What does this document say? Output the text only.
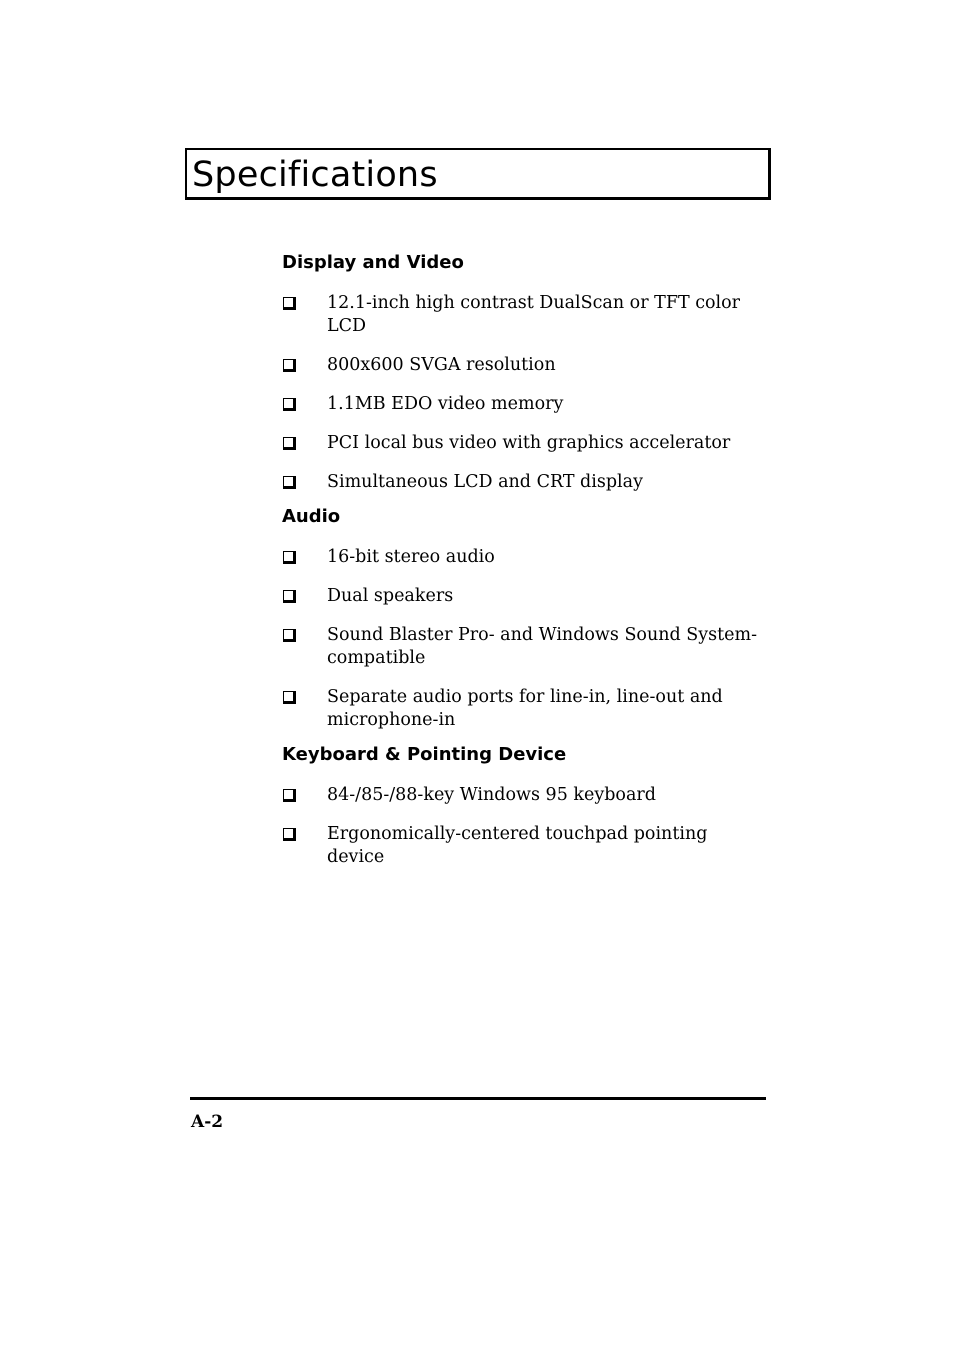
Specifications
Display and Video
12.1-inch high contrast DualScan or TFT color LCD
800x600 SVGA resolution
1.1MB EDO video memory
PCI local bus video with graphics accelerator
Simultaneous LCD and CRT display
Audio
16-bit stereo audio
Dual speakers
Sound Blaster Pro- and Windows Sound System-compatible
Separate audio ports for line-in, line-out and microphone-in
Keyboard & Pointing Device
84-/85-/88-key Windows 95 keyboard
Ergonomically-centered touchpad pointing device
A-2
